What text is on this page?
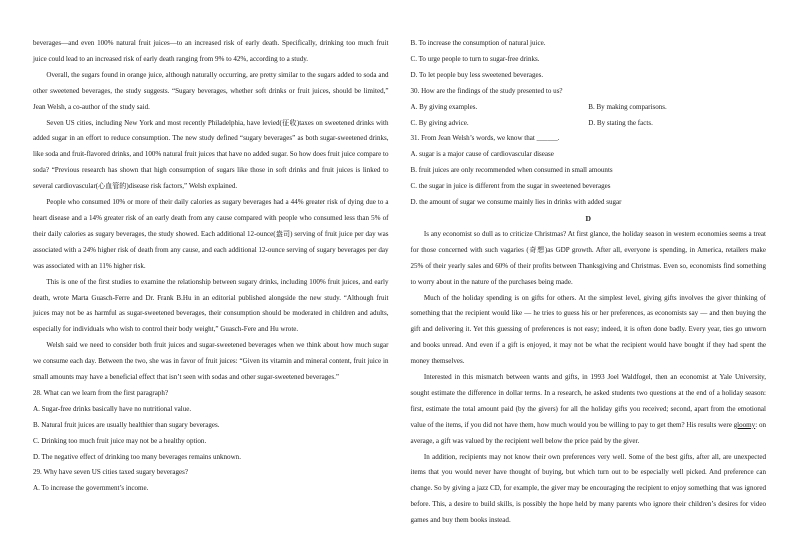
beverages—and even 100% natural fruit juices—to an increased risk of early death. Specifically, drinking too much fruit juice could lead to an increased risk of early death ranging from 9% to 42%, according to a study.

Overall, the sugars found in orange juice, although naturally occurring, are pretty similar to the sugars added to soda and other sweetened beverages, the study suggests. “Sugary beverages, whether soft drinks or fruit juices, should be limited,” Jean Welsh, a co-author of the study said.

Seven US cities, including New York and most recently Philadelphia, have levied(征收)taxes on sweetened drinks with added sugar in an effort to reduce consumption. The new study defined “sugary beverages” as both sugar-sweetened drinks, like soda and fruit-flavored drinks, and 100% natural fruit juices that have no added sugar. So how does fruit juice compare to soda? “Previous research has shown that high consumption of sugars like those in soft drinks and fruit juices is linked to several cardiovascular(心血管的)disease risk factors,” Welsh explained.

People who consumed 10% or more of their daily calories as sugary beverages had a 44% greater risk of dying due to a heart disease and a 14% greater risk of an early death from any cause compared with people who consumed less than 5% of their daily calories as sugary beverages, the study showed. Each additional 12-ounce(盎司) serving of fruit juice per day was associated with a 24% higher risk of death from any cause, and each additional 12-ounce serving of sugary beverages per day was associated with an 11% higher risk.

This is one of the first studies to examine the relationship between sugary drinks, including 100% fruit juices, and early death, wrote Marta Guasch-Ferre and Dr. Frank B.Hu in an editorial published alongside the new study. “Although fruit juices may not be as harmful as sugar-sweetened beverages, their consumption should be moderated in children and adults, especially for individuals who wish to control their body weight,” Guasch-Fere and Hu wrote.

Welsh said we need to consider both fruit juices and sugar-sweetened beverages when we think about how much sugar we consume each day. Between the two, she was in favor of fruit juices: “Given its vitamin and mineral content, fruit juice in small amounts may have a beneficial effect that isn’t seen with sodas and other sugar-sweetened beverages.”

28. What can we learn from the first paragraph?
A. Sugar-free drinks basically have no nutritional value.
B. Natural fruit juices are usually healthier than sugary beverages.
C. Drinking too much fruit juice may not be a healthy option.
D. The negative effect of drinking too many beverages remains unknown.
29. Why have seven US cities taxed sugary beverages?
A. To increase the government’s income.
B. To increase the consumption of natural juice.
C. To urge people to turn to sugar-free drinks.
D. To let people buy less sweetened beverages.
30. How are the findings of the study presented to us?
A. By giving examples.	B. By making comparisons.
C. By giving advice.	D. By stating the facts.
31. From Jean Welsh’s words, we know that ______.
A. sugar is a major cause of cardiovascular disease
B. fruit juices are only recommended when consumed in small amounts
C. the sugar in juice is different from the sugar in sweetened beverages
D. the amount of sugar we consume mainly lies in drinks with added sugar
D

Is any economist so dull as to criticize Christmas? At first glance, the holiday season in western economies seems a treat for those concerned with such vagaries (奇想)as GDP growth. After all, everyone is spending, in America, retailers make 25% of their yearly sales and 60% of their profits between Thanksgiving and Christmas. Even so, economists find something to worry about in the nature of the purchases being made.

Much of the holiday spending is on gifts for others. At the simplest level, giving gifts involves the giver thinking of something that the recipient would like — he tries to guess his or her preferences, as economists say — and then buying the gift and delivering it. Yet this guessing of preferences is not easy; indeed, it is often done badly. Every year, ties go unworn and books unread. And even if a gift is enjoyed, it may not be what the recipient would have bought if they had spent the money themselves.

Interested in this mismatch between wants and gifts, in 1993 Joel Waldfogel, then an economist at Yale University, sought estimate the difference in dollar terms. In a research, he asked students two questions at the end of a holiday season: first, estimate the total amount paid (by the givers) for all the holiday gifts you received; second, apart from the emotional value of the items, if you did not have them, how much would you be willing to pay to get them? His results were gloomy: on average, a gift was valued by the recipient well below the price paid by the giver.

In addition, recipients may not know their own preferences very well. Some of the best gifts, after all, are unexpected items that you would never have thought of buying, but which turn out to be especially well picked. And preference can change. So by giving a jazz CD, for example, the giver may be encouraging the recipient to enjoy something that was ignored before. This, a desire to build skills, is possibly the hope held by many parents who ignore their children’s desires for video games and buy them books instead.
